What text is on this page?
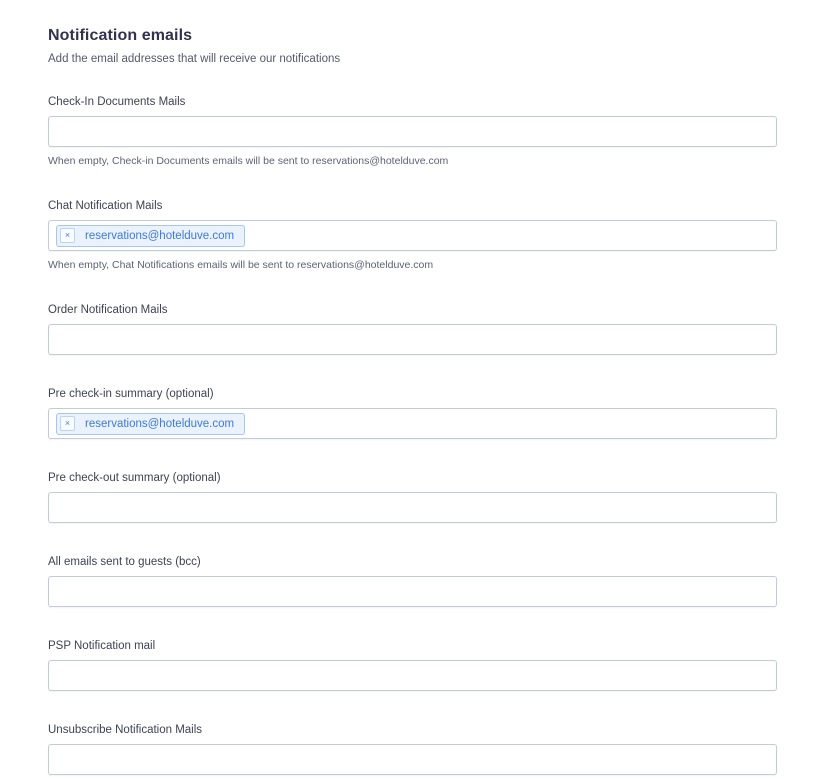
Notification emails

Add the email addresses that will receive our notifications

Check-In Documents Mails

When empty, Check-in Documents emails will be sent to reservations@hotelduve.com

Chat Notification Mails
× reservations@hotelduve.com

When empty, Chat Notifications emails will be sent to reservations@hotelduve.com

Order Notification Mails
Pre check-in summary (optional)
× reservations@hotelduve.com
Pre check-out summary (optional)
All emails sent to guests (bcc)
PSP Notification mail
Unsubscribe Notification Mails
